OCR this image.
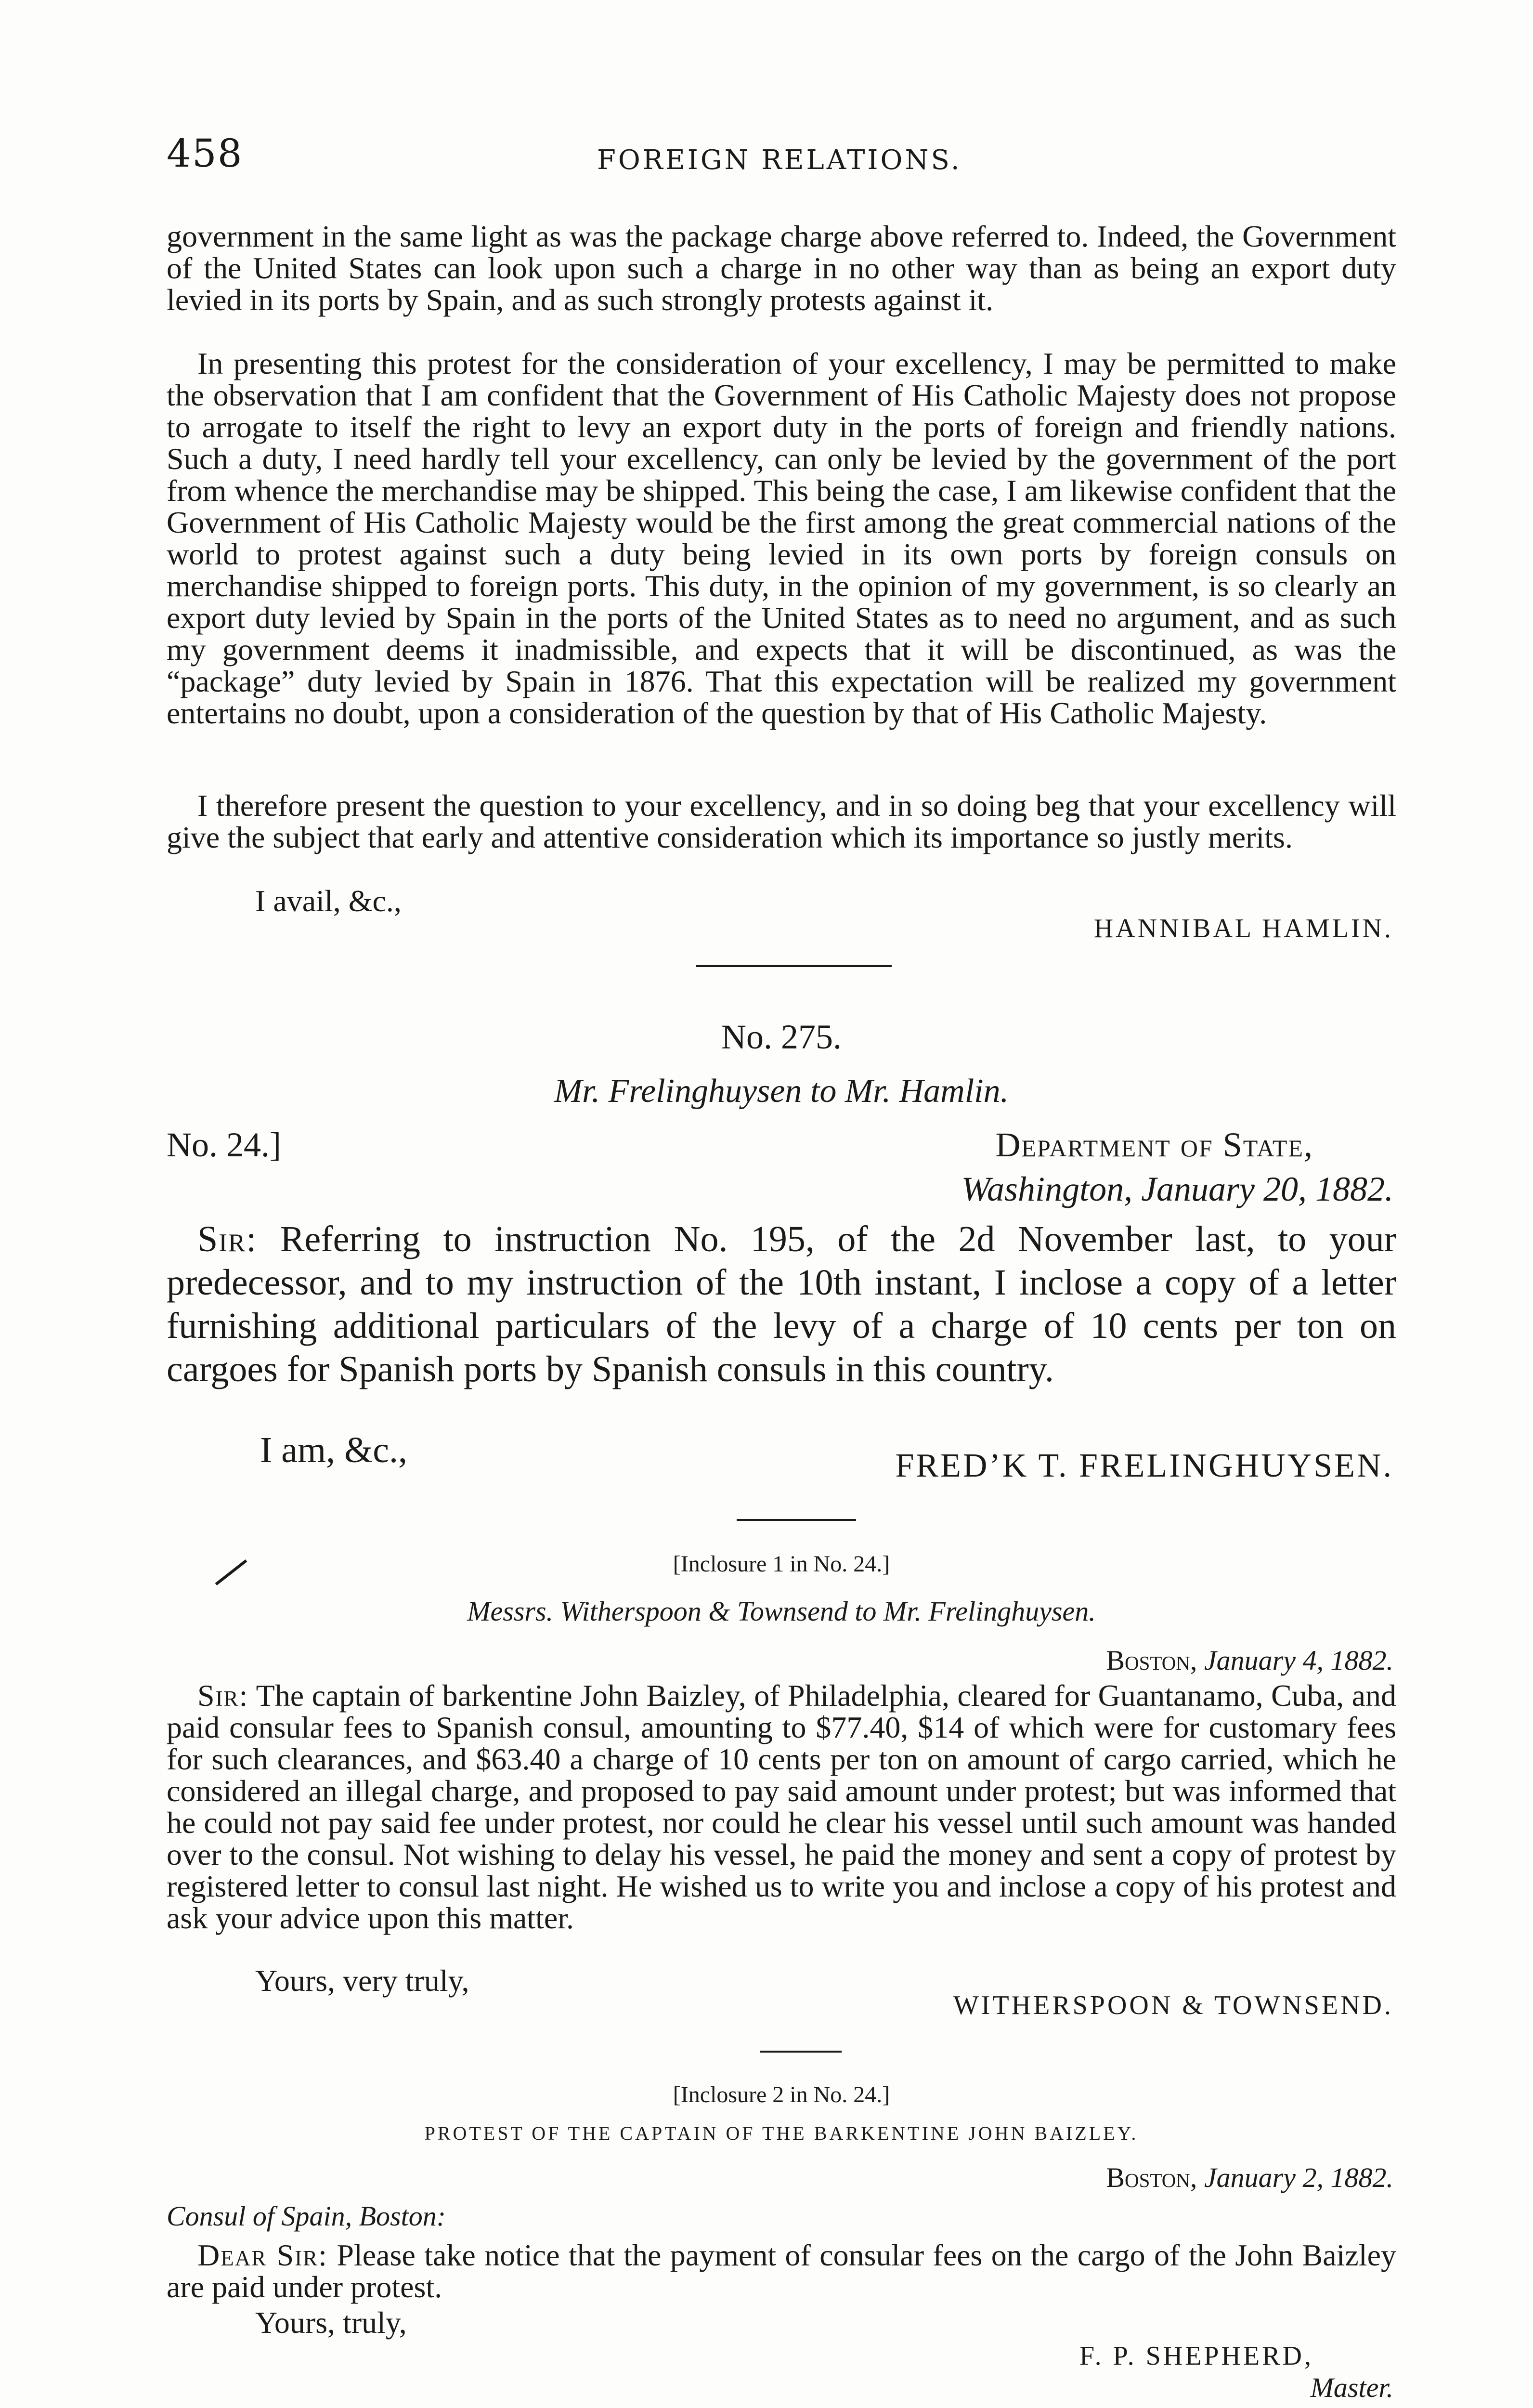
458	FOREIGN RELATIONS.

government in the same light as was the package charge above referred to. Indeed, the Government of the United States can look upon such a charge in no other way than as being an export duty levied in its ports by Spain, and as such strongly protests against it.

In presenting this protest for the consideration of your excellency, I may be permitted to make the observation that I am confident that the Government of His Catholic Majesty does not propose to arrogate to itself the right to levy an export duty in the ports of foreign and friendly nations. Such a duty, I need hardly tell your excellency, can only be levied by the government of the port from whence the merchandise may be shipped. This being the case, I am likewise confident that the Government of His Catholic Majesty would be the first among the great commercial nations of the world to protest against such a duty being levied in its own ports by foreign consuls on merchandise shipped to foreign ports. This duty, in the opinion of my government, is so clearly an export duty levied by Spain in the ports of the United States as to need no argument, and as such my government deems it inadmissible, and expects that it will be discontinued, as was the “package” duty levied by Spain in 1876. That this expectation will be realized my government entertains no doubt, upon a consideration of the question by that of His Catholic Majesty.

I therefore present the question to your excellency, and in so doing beg that your excellency will give the subject that early and attentive consideration which its importance so justly merits.

I avail, &c.,

HANNIBAL HAMLIN.

No. 275.

Mr. Frelinghuysen to Mr. Hamlin.

No. 24.]	Department of State,

Washington, January 20, 1882.

Sir: Referring to instruction No. 195, of the 2d November last, to your predecessor, and to my instruction of the 10th instant, I inclose a copy of a letter furnishing additional particulars of the levy of a charge of 10 cents per ton on cargoes for Spanish ports by Spanish consuls in this country.

I am, &c.,	FRED’K T. FRELINGHUYSEN.

[Inclosure 1 in No. 24.]

Messrs. Witherspoon & Townsend to Mr. Frelinghuysen.

Boston, January 4, 1882.

Sir: The captain of barkentine John Baizley, of Philadelphia, cleared for Guantanamo, Cuba, and paid consular fees to Spanish consul, amounting to $77.40, $14 of which were for customary fees for such clearances, and $63.40 a charge of 10 cents per ton on amount of cargo carried, which he considered an illegal charge, and proposed to pay said amount under protest; but was informed that he could not pay said fee under protest, nor could he clear his vessel until such amount was handed over to the consul. Not wishing to delay his vessel, he paid the money and sent a copy of protest by registered letter to consul last night. He wished us to write you and inclose a copy of his protest and ask your advice upon this matter.

Yours, very truly,

WITHERSPOON & TOWNSEND.

[Inclosure 2 in No. 24.]

PROTEST OF THE CAPTAIN OF THE BARKENTINE JOHN BAIZLEY.

Boston, January 2, 1882.

Consul of Spain, Boston:

Dear Sir: Please take notice that the payment of consular fees on the cargo of the John Baizley are paid under protest.

Yours, truly,

F. P. SHEPHERD,

Master.
